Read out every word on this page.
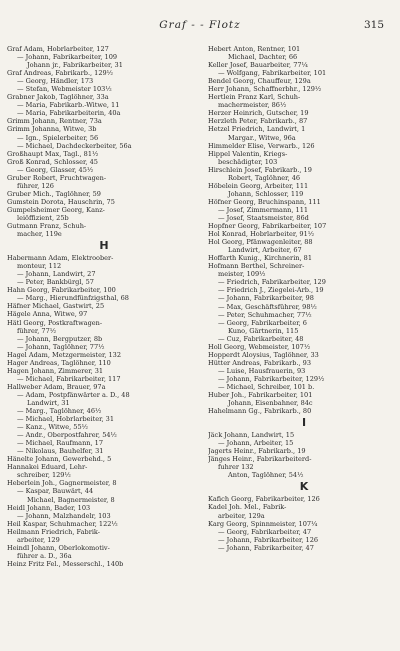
Graf - - Flotz	315
Graf Adam, Hobrlarbeiter, 127
— Johann, Fabrikarbeiter, 109
Johann jr., Fabrikarbeiter, 31
Graf Andreas, Fabrikarb., 129½
— Georg, Händler, 173
— Stefan, Webmeister 103½
Grabner Jakob, Taglöhner, 33a
— Maria, Fabrikarb.-Witwe, 11
— Maria, Fabrikarbeiterin, 40a
Grimm Johann, Rentner, 73a
Grimm Johanna, Witwe, 3b
— Ign., Spielerbeiter, 56
— Michael, Dachdeckerbeiter, 56a
Großhaupt Max, Tagl., 81½
Groß Konrad, Schlosser, 45
— Georg, Glasser, 45½
Gruber Robert, Fruchtwagen-
führer, 126
Gruber Mich., Taglöhner, 59
Gumstein Dorota, Hauschrin, 75
Gumpelsheimer Georg, Kanz-
leiöffizient, 25b
Gutmann Franz, Schuh-
macher, 119e
H
Habermann Adam, Elektroober-
monteur, 112
— Johann, Landwirt, 27
— Peter, Bankbürgl, 57
Hahn Georg, Fabrikarbeiter, 100
— Marg., Hierundfünfzigsthal, 68
Häfner Michael, Gastwirt, 25
Hägele Anna, Witwe, 97
Hätl Georg, Postkraftwagen-
führer, 77½
— Johann, Bergputzer, 8b
— Johann, Taglöhner, 77½
Hagel Adam, Metzgermeister, 132
Hager Andreas, Taglöhner, 110
Hagen Johann, Zimmerer, 31
— Michael, Fabrikarbeiter, 117
Hallweber Adam, Brauer, 97a
— Adam, Postpfänwärter a. D., 48
Landwirt, 31
— Marg., Taglöhner, 46½
— Michael, Hobrlarbeiter, 31
— Kanz., Witwe, 55½
— Andr., Oberpostfahrer, 54½
— Michael, Raufmann, 17
— Nikolaus, Bauhelfer, 31
Hänelte Johann, Gewerbehd., 5
Hannakei Eduard, Lehr-
schreiber, 129½
Heberlein Joh., Gagnermeister, 8
— Kaspar, Bauwärt, 44
Michael, Bagnermeister, 8
Heidl Johann, Bader, 103
— Johann, Malzhandelr, 103
Heil Kaspar, Schuhmacher, 122½
Heilmann Friedrich, Fabrik-
arbeiter, 129
Heindl Johann, Oberlokomotiv-
führer a. D., 36a
Heinz Fritz Fel., Messerschl., 140b
Hebert Anton, Rentner, 101
Michael, Dachter, 66
Keller Josef, Bauarbeiter, 77¼
— Wolfgang, Fabrikarbeiter, 101
Bendel Georg, Chauffeur, 129a
Herr Johann, Schaffnerbhr., 129½
Hertlein Franz Karl, Schuh-
machermeister, 86½
Herzer Heinrich, Gutscher, 19
Herzleth Peter, Fabrikarb., 87
Hetzel Friedrich, Landwirt, 1
Margar., Witwe, 96a
Himmelder Elise, Verwarb., 126
Hippel Valentin, Kriegs-
beschädigter, 103
Hirschlein Josef, Fabrikarb., 19
Robert, Taglöhner, 46
Höbelein Georg, Arbeiter, 111
Johann, Schlosser, 119
Höfner Georg, Bruchinspann, 111
— Josef, Zimmermann, 111
— Josef, Staatsmeister, 86d
Hopfner Georg, Fabrikarbeiter, 107
Hol Konrad, Hobrlarbeiter, 91½
Hol Georg, Pfänwagenleiter, 88
Landwirt, Arbeiter, 67
Hoffarth Kunig., Kirchnerin, 81
Hofmann Berthel, Schreiner-
meister, 109½
— Friedrich, Fabrikarbeiter, 129
— Friedrich J., Ziegelei-Arb., 19
— Johann, Fabrikarbeiter, 98
— Max, Geschäftsführer, 98½
— Peter, Schuhmacher, 77½
— Georg, Fabrikarbeiter, 6
Kuno, Gärtnerin, 115
— Cuz, Fabrikarbeiter, 48
Holl Georg, Webmeister, 107½
Hopperdt Aloysius, Taglöhner, 33
Hütter Andreas, Fabrikarb., 93
— Luise, Hausfrauerin, 93
— Johann, Fabrikarbeiter, 129½
— Michael, Schreiber, 101 b.
Huber Joh., Fabrikarbeiter, 101
Johann, Eisenbahner, 84c
Hahelmann Gg., Fabrikarb., 80
I
Jäck Johann, Landwirt, 15
— Johann, Arbeiter, 15
Jagerts Heinr., Fabrikarb., 19
Jänges Heinr., Fabrikarbeiterd-
fuhrer 132
Anton, Taglöhner, 54½
K
Kafich Georg, Fabrikarbeiter, 126
Kadel Joh. Mel., Fabrik-
arbeiter, 129a
Karg Georg, Spinnmeister, 107¼
— Georg, Fabrikarbeiter, 47
— Johann, Fabrikarbeiter, 126
— Johann, Fabrikarbeiter, 47
